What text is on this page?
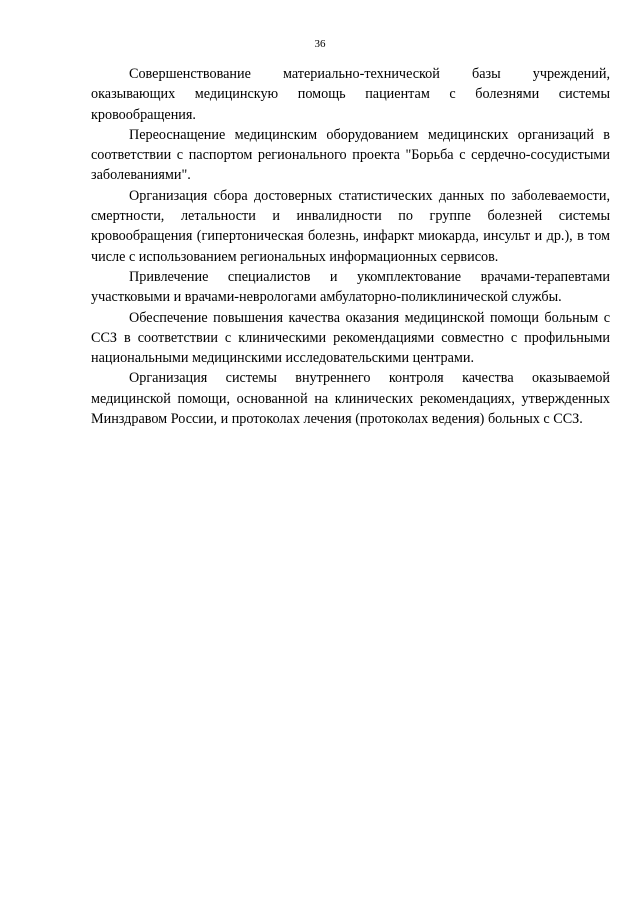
36

Совершенствование материально-технической базы учреждений, оказывающих медицинскую помощь пациентам с болезнями системы кровообращения.

Переоснащение медицинским оборудованием медицинских организаций в соответствии с паспортом регионального проекта "Борьба с сердечно-сосудистыми заболеваниями".

Организация сбора достоверных статистических данных по заболеваемости, смертности, летальности и инвалидности по группе болезней системы кровообращения (гипертоническая болезнь, инфаркт миокарда, инсульт и др.), в том числе с использованием региональных информационных сервисов.

Привлечение специалистов и укомплектование врачами-терапевтами участковыми и врачами-неврологами амбулаторно-поликлинической службы.

Обеспечение повышения качества оказания медицинской помощи больным с ССЗ в соответствии с клиническими рекомендациями совместно с профильными национальными медицинскими исследовательскими центрами.

Организация системы внутреннего контроля качества оказываемой медицинской помощи, основанной на клинических рекомендациях, утвержденных Минздравом России, и протоколах лечения (протоколах ведения) больных с ССЗ.
